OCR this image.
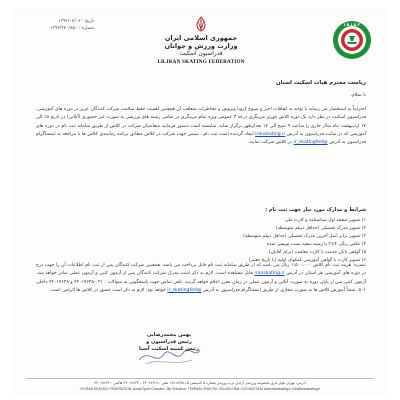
تاریخ : ۱۳۹۶/۰۲/۰۲
شماره : ۱۳۹۶/۳۲۰/۸۵۰
جمهوری اسلامی ایران
وزارت ورزش و جوانان
فدراسیون اسکیت
I.R.IRAN SKATING FEDERATION
I.R.I.S.F
ریاست محترم هیات اسکیت استان
با سلام،
احتراماً به استحضار می رساند با توجه به اتفاقات اخیر و شیوع کرونا ویروس و مخاطرات متعاقب آن همچنین اهمیت حفظ سلامت شرکت کنندگان عزیز در دوره های آموزشی، فدراسیون اسکیت در نظر دارد یک دوره کلاس تئوری مربیگری درجه ۳ عمومی ویژه تمام مربیگری در تمامی رشته های ورزشی به صورت غیر حضوری (آنلاین) در تاریخ ۱۵ الی ۱۷ اردیبهشت ماه سال جاری را ساعت ۹ صبح الی ۱۷ بعدازظهر برگزار نماید. شایسته است دستور فرمایید متقاضیان شرکت در کلاس از طریق سامانه ثبت نام در دوره های آموزشی که در سایت فدراسیون به آدرس iranskating.ir ایجاد گردیده است ثبت نام ، سپس جهت شرکت در کلاس مطابق برنامه زمانبندی کلاس ها با مراجعه به اینستاگرام فدراسیون به آدرس @ir_skatingfed در کلاس شرکت نمایند.
شرایط و مدارک مورد نیاز جهت ثبت نام :
۱) تصویر صفحه اول شناسنامه و کارت ملی
۲) تصویر مدرک تحصیلی (حداقل دیپلم متوسطه)
۳) تصویر برابر اصل آخرین مدرک تحصیلی (حداقل دیپلم متوسطه)
۴) عکس رنگی ۴×۳ با زمینه سفید پشت نویسی شده
۵) گواهی پایان خدمت یا کارت معافیت (برای آقایان)
۶) تصویر کارت یا گواهی آموزشی کمکهای اولیه (با تاریخ معتبر)
تبصره: هزینه ثبت نام کلاس ۱،۵۰۰،۰۰۰ ریال می باشد که از طریق سامانه ثبت نام قابل پرداخت می باشد. همچنین شرکت کنندگان پس از ثبت نام اطلاعات آن را جهت درج در دوره های آموزشی هر استان در آدرس iranskating.ir قابل مشاهده است. لازم به ذکر است مدرک شرکت کنندگان پس از آزمون کتبی و آزمون عملی صادر خواهد شد. آزمون کتبی پس از پایان دوره به صورت آنلاین و آزمون عملی در زمان مقرر اعلام خواهد گردید. تلفن تماس جهت پاسخگویی به سوالات : ۰۲۱-۴۴۰۱۷۶۲۵ و ۴۴۰۱۷۶۲۸ داخلی ۸۰۱. ضمناً آموزش کلاس ها به صورت مجازی از طریق اینستاگرام فدراسیون به آدرس @ir_skatingfed خواهد بود. لازم به ذکر است حضور در کلاس ها الزامی است.
بهمن محمدرضایی
رئیس فدراسیون و
رئیس کمیته اسکیت آسیا
آدرس: تهران بلوار غرق مجموعه ورزشی آزادی درب ورودی شماره ۵ کدپستی ۱۴۸۱۷۳۵۱۱۵ تلفن : ۴۴۰۱۷۶۲۸ - ۴۴۰۱۷۶۳۳ فاکس : ۴۴۰۱۷۶۴۴
I.R.IRAN SKATING FEDERATION: Azadi Sport Complex, 5th Entrance, TEHRAN, IRAN Tel: 02144017806 / 02144017634 www.iranskating.ir info@iranskating.ir
